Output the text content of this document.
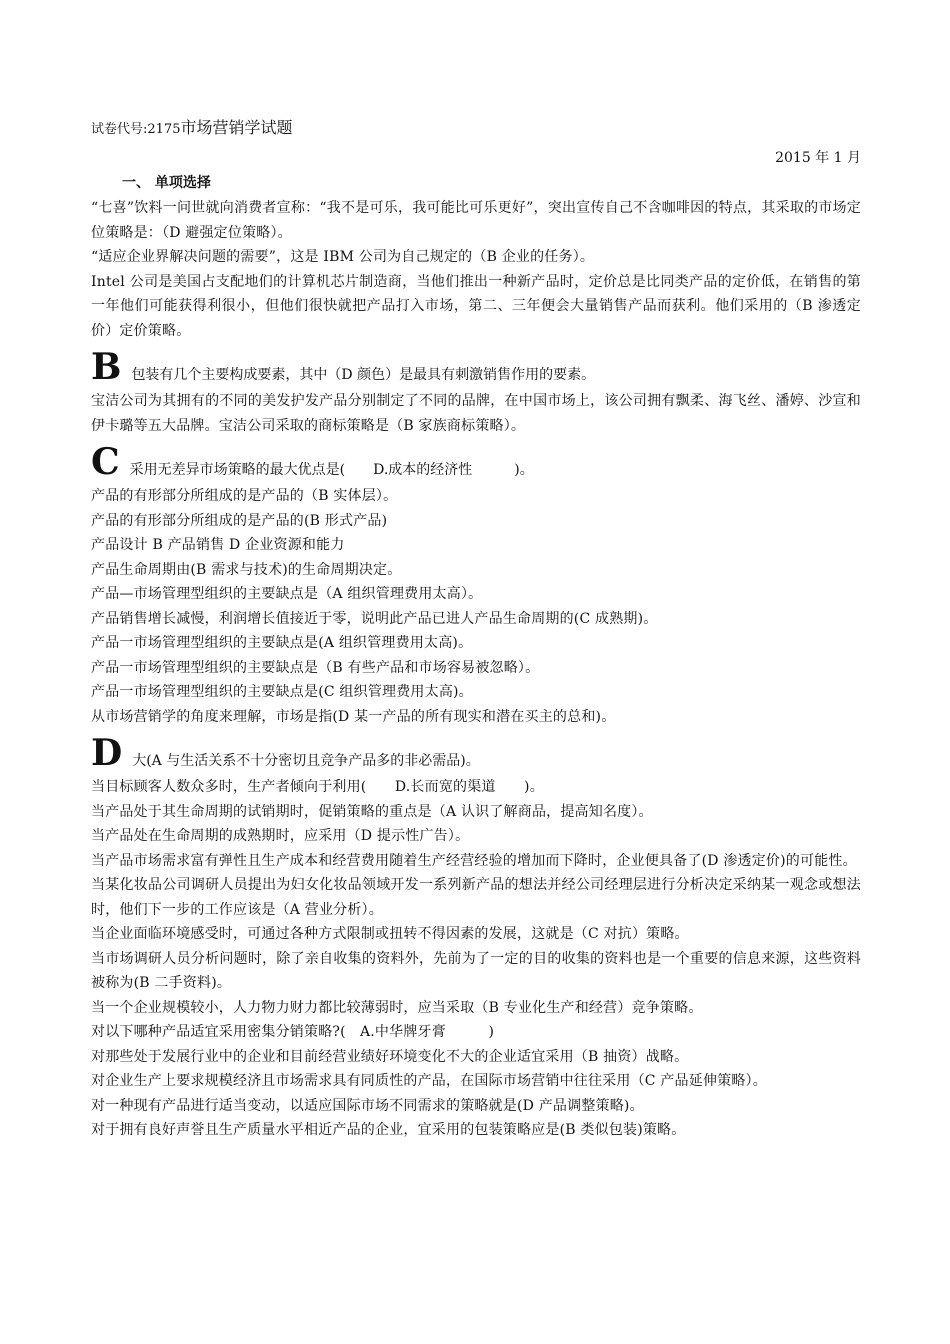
试卷代号:2175市场营销学试题
2015 年 1 月
一、 单项选择

“七喜”饮料一问世就向消费者宣称：“我不是可乐，我可能比可乐更好”，突出宣传自己不含咖啡因的特点，其采取的市场定位策略是：（D 避强定位策略）。

“适应企业界解决问题的需要”，这是 IBM 公司为自己规定的（B 企业的任务）。

Intel 公司是美国占支配地们的计算机芯片制造商，当他们推出一种新产品时，定价总是比同类产品的定价低，在销售的第一年他们可能获得利很小，但他们很快就把产品打入市场，第二、三年便会大量销售产品而获利。他们采用的（B 渗透定价）定价策略。

B 包装有几个主要构成要素，其中（D 颜色）是最具有刺激销售作用的要素。

宝洁公司为其拥有的不同的美发护发产品分别制定了不同的品牌，在中国市场上，该公司拥有飘柔、海飞丝、潘婷、沙宣和伊卡璐等五大品牌。宝洁公司采取的商标策略是（B 家族商标策略）。

C 采用无差异市场策略的最大优点是(　　D.成本的经济性　　　)。

产品的有形部分所组成的是产品的（B 实体层）。

产品的有形部分所组成的是产品的(B 形式产品)

产品设计 B 产品销售 D 企业资源和能力

产品生命周期由(B 需求与技术)的生命周期决定。

产品—市场管理型组织的主要缺点是（A 组织管理费用太高）。

产品销售增长减慢，利润增长值接近于零，说明此产品已进人产品生命周期的(C 成熟期)。

产品一市场管理型组织的主要缺点是(A 组织管理费用太高)。

产品一市场管理型组织的主要缺点是（B 有些产品和市场容易被忽略）。

产品一市场管理型组织的主要缺点是(C 组织管理费用太高)。

从市场营销学的角度来理解，市场是指(D 某一产品的所有现实和潜在买主的总和)。

D 大(A 与生活关系不十分密切且竞争产品多的非必需品)。

当目标顾客人数众多时，生产者倾向于利用(　　D.长而宽的渠道　　)。

当产品处于其生命周期的试销期时，促销策略的重点是（A 认识了解商品，提高知名度）。

当产品处在生命周期的成熟期时，应采用（D 提示性广告）。

当产品市场需求富有弹性且生产成本和经营费用随着生产经营经验的增加而下降时，企业便具备了(D 渗透定价)的可能性。

当某化妆品公司调研人员提出为妇女化妆品领域开发一系列新产品的想法并经公司经理层进行分析决定采纳某一观念或想法时，他们下一步的工作应该是（A 营业分析）。

当企业面临环境感受时，可通过各种方式限制或扭转不得因素的发展，这就是（C 对抗）策略。

当市场调研人员分析问题时，除了亲自收集的资料外，先前为了一定的目的收集的资料也是一个重要的信息来源，这些资料被称为(B 二手资料)。

当一个企业规模较小，人力物力财力都比较薄弱时，应当采取（B 专业化生产和经营）竞争策略。

对以下哪种产品适宜采用密集分销策略?(　A.中华牌牙膏　　　)

对那些处于发展行业中的企业和目前经营业绩好环境变化不大的企业适宜采用（B 抽资）战略。

对企业生产上要求规模经济且市场需求具有同质性的产品，在国际市场营销中往往采用（C 产品延伸策略）。

对一种现有产品进行适当变动，以适应国际市场不同需求的策略就是(D 产品调整策略)。

对于拥有良好声誉且生产质量水平相近产品的企业，宜采用的包装策略应是(B 类似包装)策略。
